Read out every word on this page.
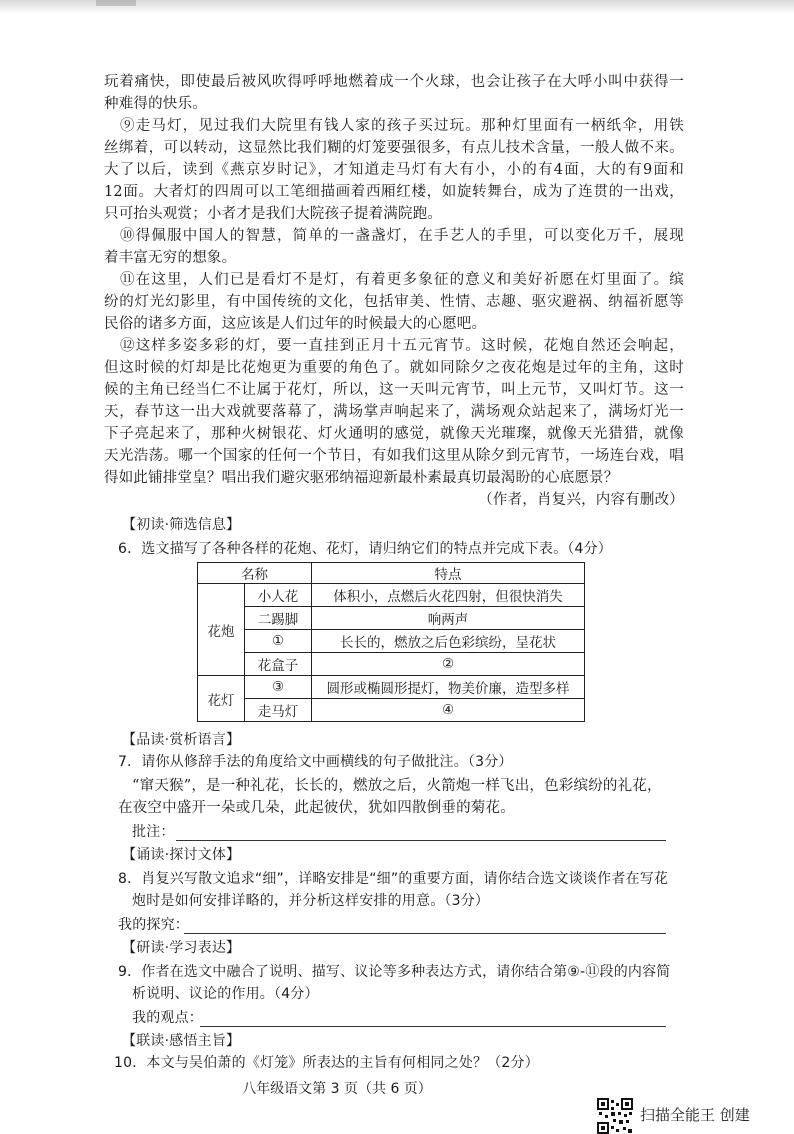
玩着痛快，即使最后被风吹得呼呼地燃着成一个火球，也会让孩子在大呼小叫中获得一
种难得的快乐。
⑨走马灯，见过我们大院里有钱人家的孩子买过玩。那种灯里面有一柄纸伞，用铁
丝绑着，可以转动，这显然比我们糊的灯笼要强很多，有点儿技术含量，一般人做不来。
大了以后，读到《燕京岁时记》，才知道走马灯有大有小，小的有4面，大的有9面和
12面。大者灯的四周可以工笔细描画着西厢红楼，如旋转舞台，成为了连贯的一出戏，
只可抬头观赏；小者才是我们大院孩子提着满院跑。
⑩得佩服中国人的智慧，简单的一盏盏灯，在手艺人的手里，可以变化万千，展现
着丰富无穷的想象。
⑪在这里，人们已是看灯不是灯，有着更多象征的意义和美好祈愿在灯里面了。缤
纷的灯光幻影里，有中国传统的文化，包括审美、性情、志趣、驱灾避祸、纳福祈愿等
民俗的诸多方面，这应该是人们过年的时候最大的心愿吧。
⑫这样多姿多彩的灯，要一直挂到正月十五元宵节。这时候，花炮自然还会响起，
但这时候的灯却是比花炮更为重要的角色了。就如同除夕之夜花炮是过年的主角，这时
候的主角已经当仁不让属于花灯，所以，这一天叫元宵节，叫上元节，又叫灯节。这一
天，春节这一出大戏就要落幕了，满场掌声响起来了，满场观众站起来了，满场灯光一
下子亮起来了，那种火树银花、灯火通明的感觉，就像天光璀璨，就像天光猎猎，就像
天光浩荡。哪一个国家的任何一个节日，有如我们这里从除夕到元宵节，一场连台戏，唱
得如此铺排堂皇？唱出我们避灾驱邪纳福迎新最朴素最真切最渴盼的心底愿景？
（作者，肖复兴，内容有删改）
【初读·筛选信息】
6．选文描写了各种各样的花炮、花灯，请归纳它们的特点并完成下表。（4分）
名称		特点
花炮	小人花	体积小，点燃后火花四射，但很快消失
	二踢脚	响两声
	①	长长的，燃放之后色彩缤纷，呈花状
	花盒子	②
花灯	③	圆形或椭圆形提灯，物美价廉，造型多样
	走马灯	④
【品读·赏析语言】
7．请你从修辞手法的角度给文中画横线的句子做批注。（3分）
“窜天猴”，是一种礼花，长长的，燃放之后，火箭炮一样飞出，色彩缤纷的礼花，
在夜空中盛开一朵或几朵，此起彼伏，犹如四散倒垂的菊花。
批注：
【诵读·探讨文体】
8．肖复兴写散文追求“细”，详略安排是“细”的重要方面，请你结合选文谈谈作者在写花
炮时是如何安排详略的，并分析这样安排的用意。（3分）
我的探究：
【研读·学习表达】
9．作者在选文中融合了说明、描写、议论等多种表达方式，请你结合第⑨-⑪段的内容简
析说明、议论的作用。（4分）
我的观点：
【联读·感悟主旨】
10．本文与吴伯萧的《灯笼》所表达的主旨有何相同之处？（2分）
八年级语文第 3 页（共 6 页）
扫描全能王 创建
